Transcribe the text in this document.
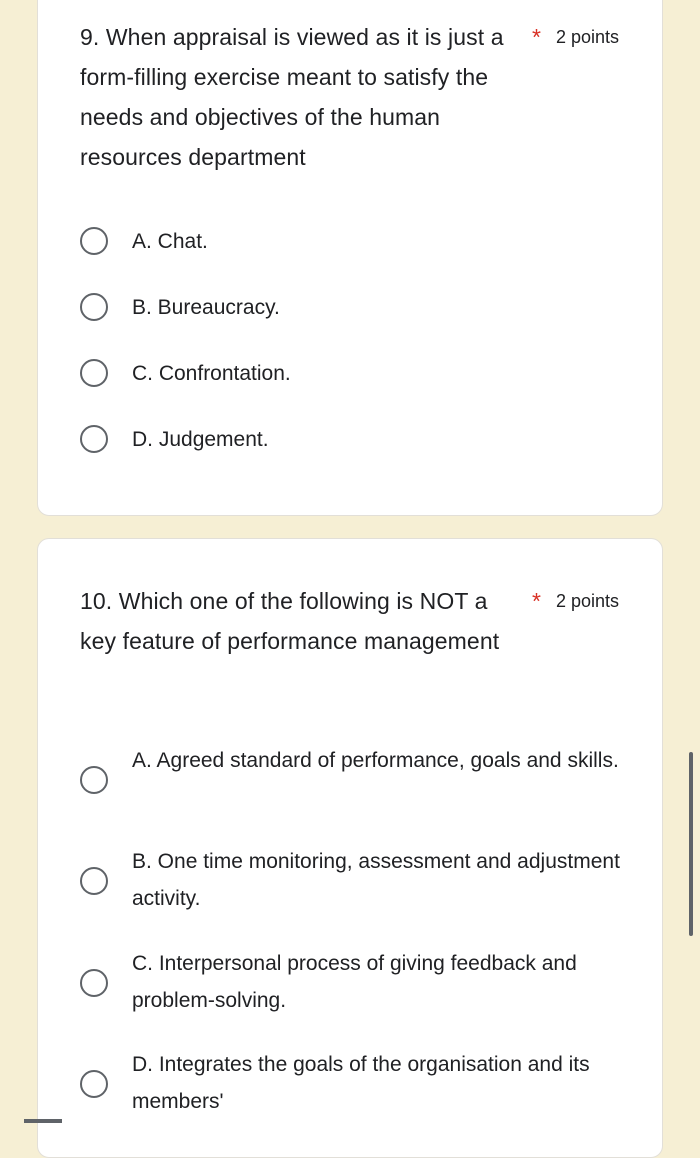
9. When appraisal is viewed as it is just a form-filling exercise meant to satisfy the needs and objectives of the human resources department
* 2 points
A. Chat.
B. Bureaucracy.
C. Confrontation.
D. Judgement.
10. Which one of the following is NOT a key feature of performance management
* 2 points
A. Agreed standard of performance, goals and skills.
B. One time monitoring, assessment and adjustment activity.
C. Interpersonal process of giving feedback and problem-solving.
D. Integrates the goals of the organisation and its members'
